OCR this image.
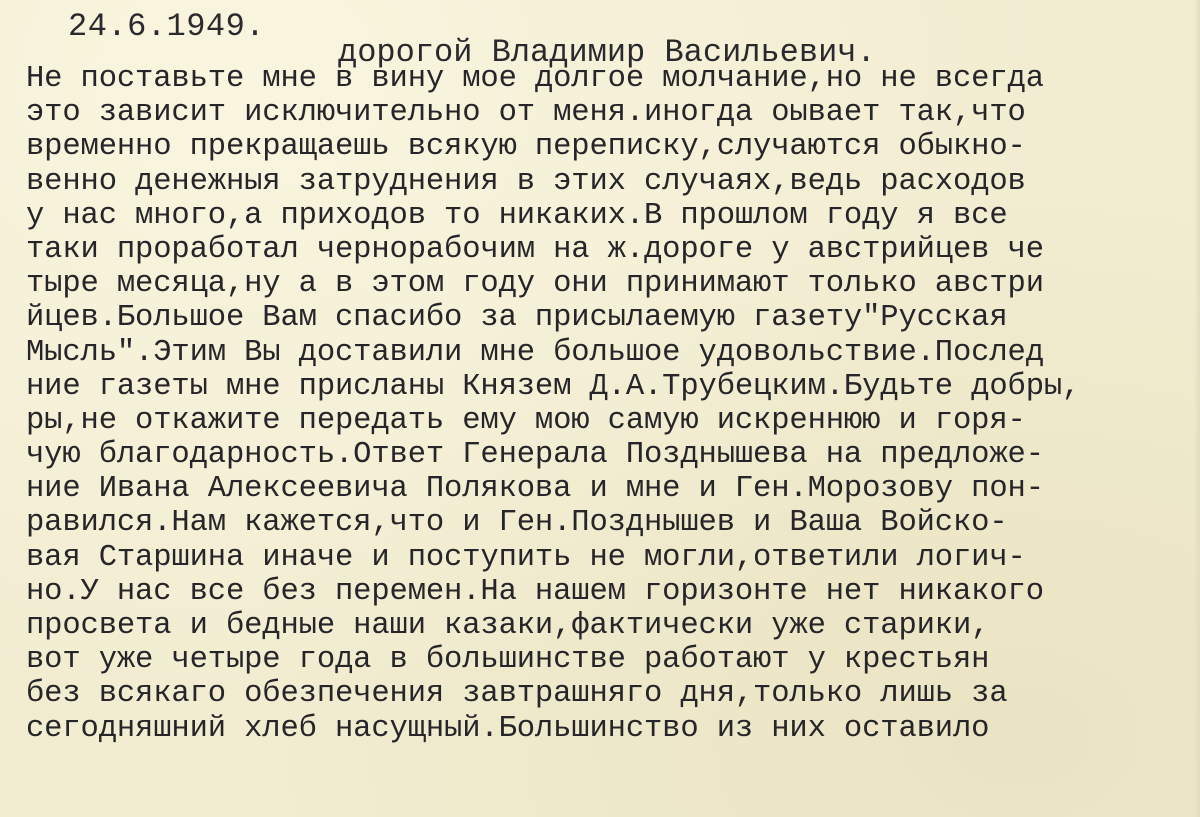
24.6.1949.
дорогой Владимир Васильевич.
Не поставьте мне в вину мое долгое молчание,но не всегда
это зависит исключительно от меня.иногда оывает так,что
временно прекращаешь всякую переписку,случаются обыкно-
венно денежныя затруднения в этих случаях,ведь расходов
у нас много,а приходов то никаких.В прошлом году я все
таки проработал чернорабочим на ж.дороге у австрийцев че
тыре месяца,ну а в этом году они принимают только австри
йцев.Большое Вам спасибо за присылаемую газету"Русская
Мысль".Этим Вы доставили мне большое удовольствие.Послед
ние газеты мне присланы Князем Д.А.Трубецким.Будьте добры,
ры,не откажите передать ему мою самую искреннюю и горя-
чую благодарность.Ответ Генерала Позднышева на предложе-
ние Ивана Алексеевича Полякова и мне и Ген.Морозову пон-
равился.Нам кажется,что и Ген.Позднышев и Ваша Войско-
вая Старшина иначе и поступить не могли,ответили логич-
но.У нас все без перемен.На нашем горизонте нет никакого
просвета и бедные наши казаки,фактически уже старики,
вот уже четыре года в большинстве работают у крестьян
без всякаго обезпечения завтрашняго дня,только лишь за
сегодняшний хлеб насущный.Большинство из них оставило
